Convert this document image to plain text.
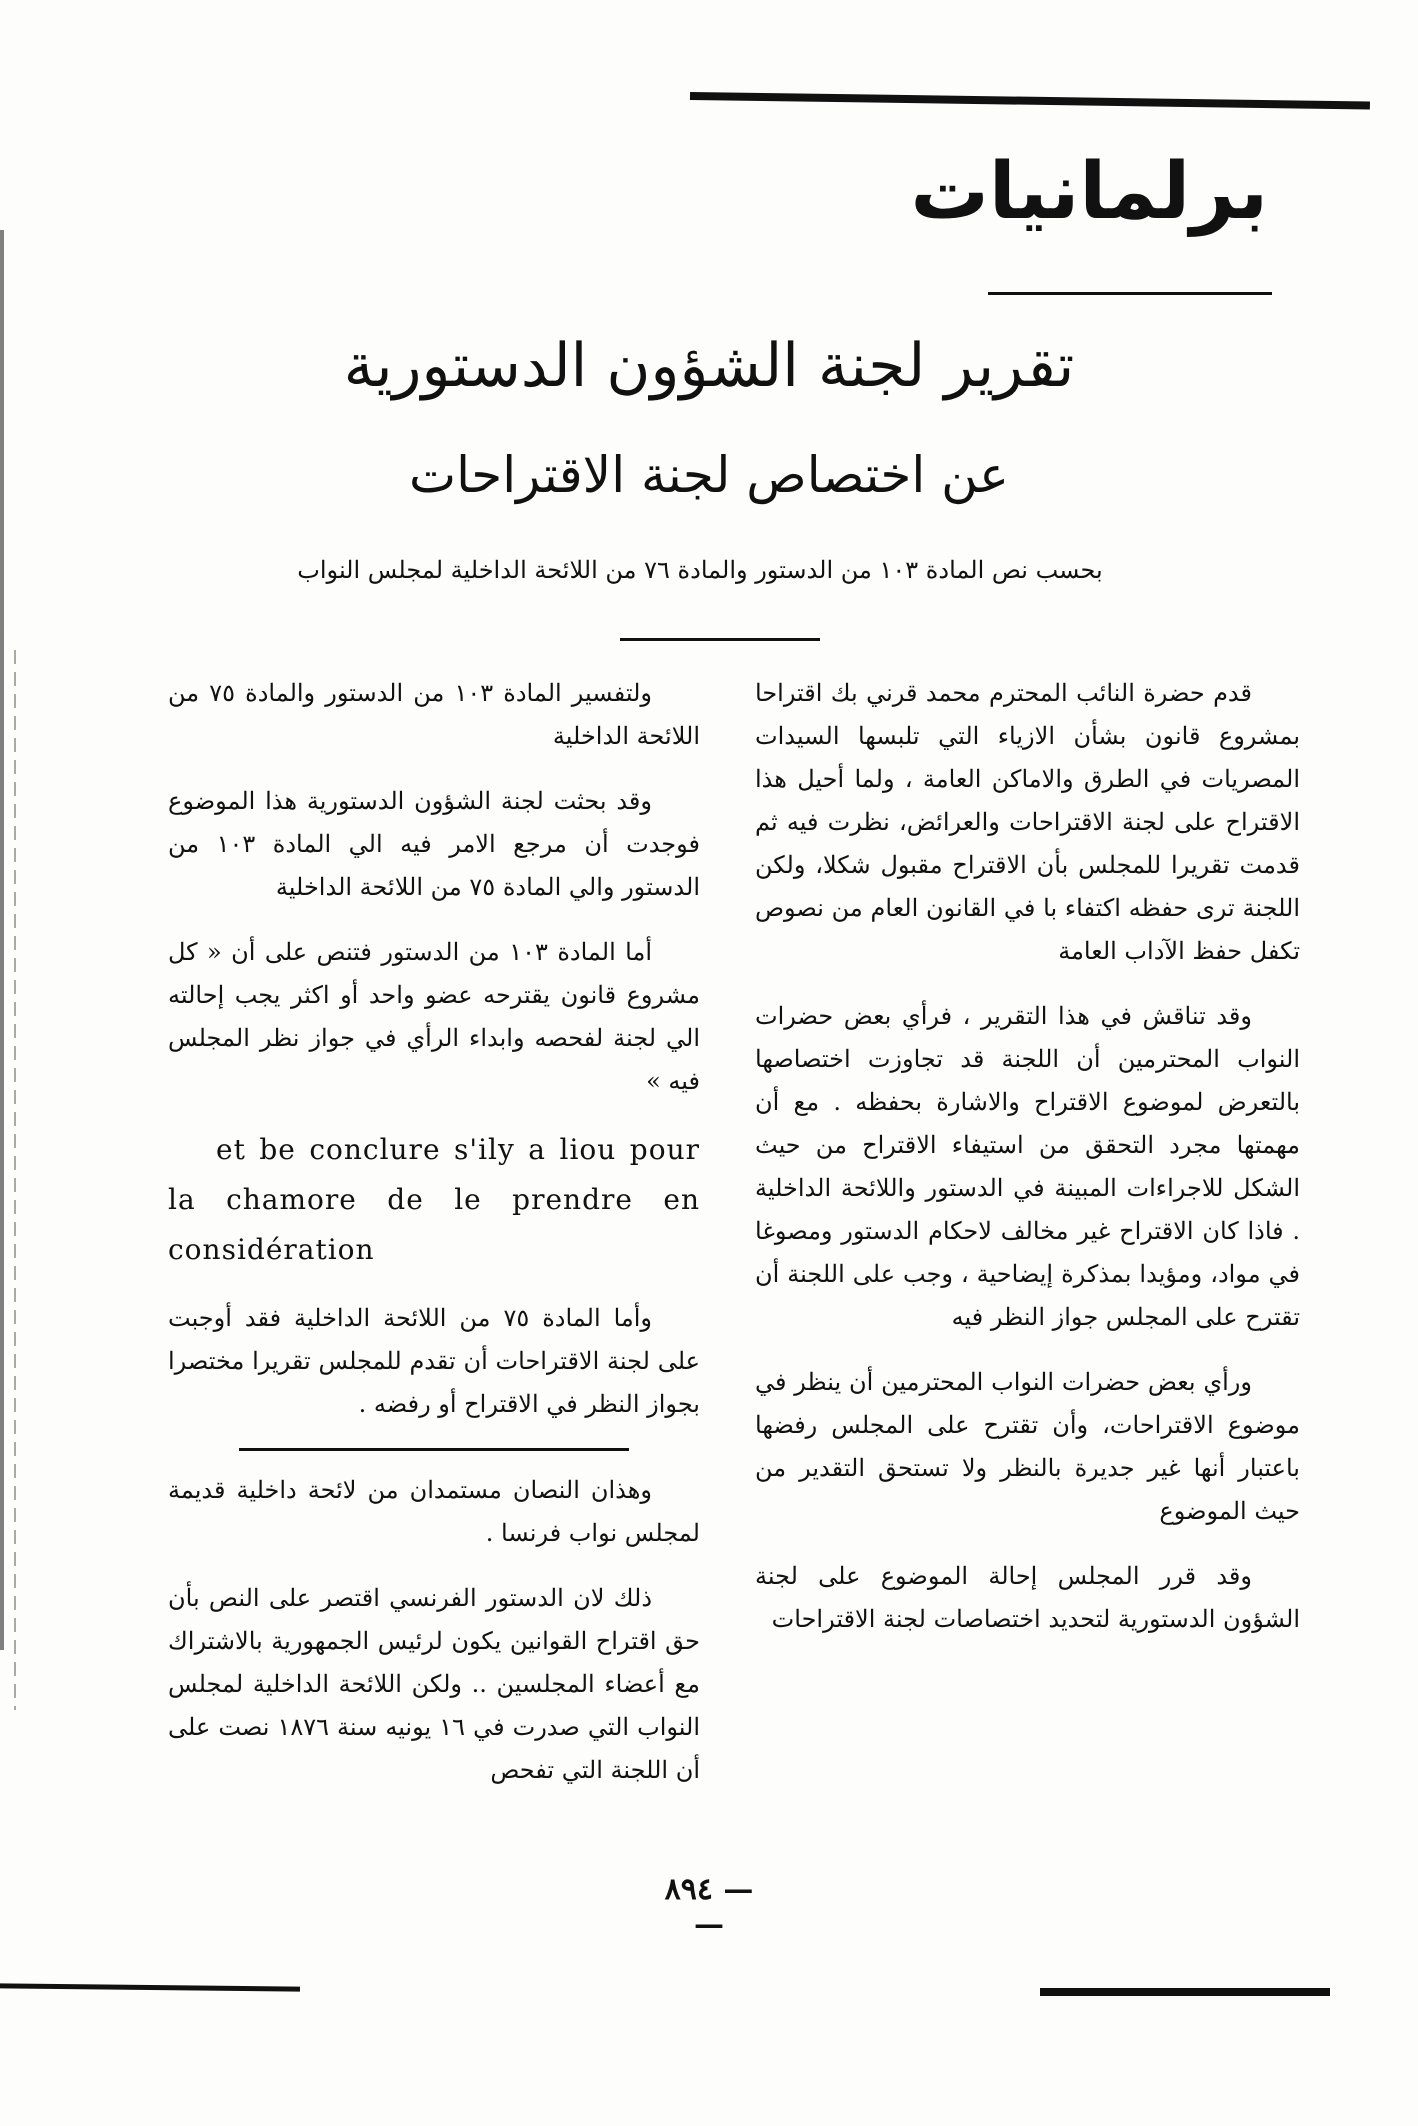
برلمانيات
تقرير لجنة الشؤون الدستورية
عن اختصاص لجنة الاقتراحات
بحسب نص المادة ١٠٣ من الدستور والمادة ٧٦ من اللائحة الداخلية لمجلس النواب

قدم حضرة النائب المحترم محمد قرني بك اقتراحا بمشروع قانون بشأن الازياء التي تلبسها السيدات المصريات في الطرق والاماكن العامة ، ولما أحيل هذا الاقتراح على لجنة الاقتراحات والعرائض، نظرت فيه ثم قدمت تقريرا للمجلس بأن الاقتراح مقبول شكلا، ولكن اللجنة ترى حفظه اكتفاء با في القانون العام من نصوص تكفل حفظ الآداب العامة

وقد تناقش في هذا التقرير ، فرأي بعض حضرات النواب المحترمين أن اللجنة قد تجاوزت اختصاصها بالتعرض لموضوع الاقتراح والاشارة بحفظه . مع أن مهمتها مجرد التحقق من استيفاء الاقتراح من حيث الشكل للاجراءات المبينة في الدستور واللائحة الداخلية . فاذا كان الاقتراح غير مخالف لاحكام الدستور ومصوغا في مواد، ومؤيدا بمذكرة إيضاحية ، وجب على اللجنة أن تقترح على المجلس جواز النظر فيه

ورأي بعض حضرات النواب المحترمين أن ينظر في موضوع الاقتراحات، وأن تقترح على المجلس رفضها باعتبار أنها غير جديرة بالنظر ولا تستحق التقدير من حيث الموضوع

وقد قرر المجلس إحالة الموضوع على لجنة الشؤون الدستورية لتحديد اختصاصات لجنة الاقتراحات

ولتفسير المادة ١٠٣ من الدستور والمادة ٧٥ من اللائحة الداخلية

وقد بحثت لجنة الشؤون الدستورية هذا الموضوع فوجدت أن مرجع الامر فيه الي المادة ١٠٣ من الدستور والي المادة ٧٥ من اللائحة الداخلية

أما المادة ١٠٣ من الدستور فتنص على أن « كل مشروع قانون يقترحه عضو واحد أو اكثر يجب إحالته الي لجنة لفحصه وابداء الرأي في جواز نظر المجلس فيه »

et be conclure s'ily a liou pour la chamore de le prendre en considération

وأما المادة ٧٥ من اللائحة الداخلية فقد أوجبت على لجنة الاقتراحات أن تقدم للمجلس تقريرا مختصرا بجواز النظر في الاقتراح أو رفضه .

وهذان النصان مستمدان من لائحة داخلية قديمة لمجلس نواب فرنسا .

ذلك لان الدستور الفرنسي اقتصر على النص بأن حق اقتراح القوانين يكون لرئيس الجمهورية بالاشتراك مع أعضاء المجلسين .. ولكن اللائحة الداخلية لمجلس النواب التي صدرت في ١٦ يونيه سنة ١٨٧٦ نصت على أن اللجنة التي تفحص

— ٨٩٤ —
